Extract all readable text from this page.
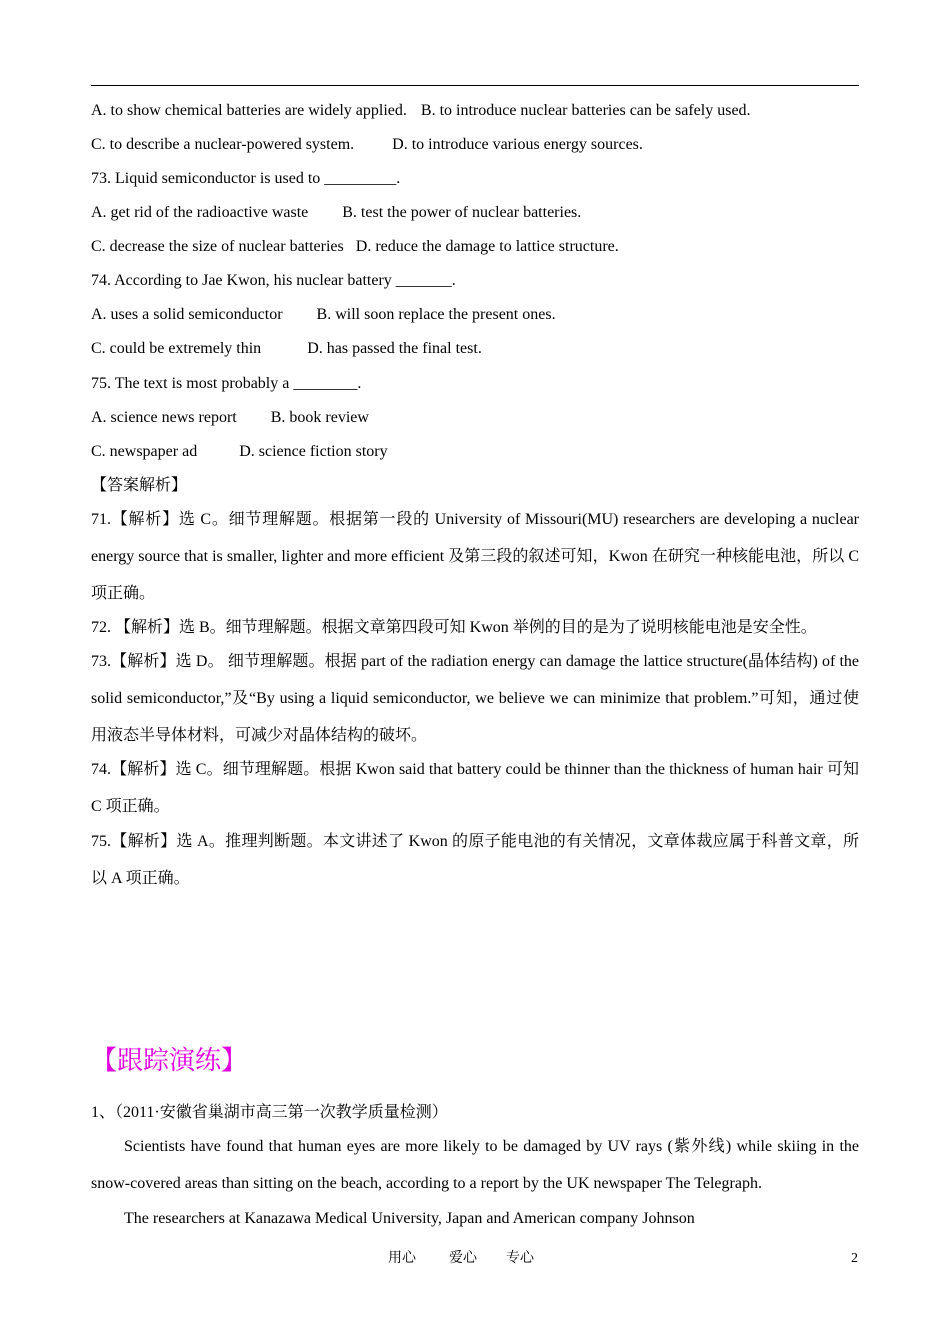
A. to show chemical batteries are widely applied. B. to introduce nuclear batteries can be safely used.
C. to describe a nuclear-powered system. D. to introduce various energy sources.
73. Liquid semiconductor is used to _________.
A. get rid of the radioactive waste B. test the power of nuclear batteries.
C. decrease the size of nuclear batteries D. reduce the damage to lattice structure.
74. According to Jae Kwon, his nuclear battery _______.
A. uses a solid semiconductor B. will soon replace the present ones.
C. could be extremely thin	D. has passed the final test.
75. The text is most probably a ________.
A. science news report B. book review
C. newspaper ad	D. science fiction story
【答案解析】
71.【解析】选 C。细节理解题。根据第一段的 University of Missouri(MU) researchers are developing a nuclear energy source that is smaller, lighter and more efficient 及第三段的叙述可知，Kwon 在研究一种核能电池，所以 C 项正确。
72. 【解析】选 B。细节理解题。根据文章第四段可知 Kwon 举例的目的是为了说明核能电池是安全性。
73.【解析】选 D。 细节理解题。根据 part of the radiation energy can damage the lattice structure(晶体结构) of the solid semiconductor,”及“By using a liquid semiconductor, we believe we can minimize that problem.”可知，通过使用液态半导体材料，可减少对晶体结构的破坏。
74.【解析】选 C。细节理解题。根据 Kwon said that battery could be thinner than the thickness of human hair 可知 C 项正确。
75.【解析】选 A。推理判断题。本文讲述了 Kwon 的原子能电池的有关情况，文章体裁应属于科普文章，所以 A 项正确。
【跟踪演练】
1、（2011·安徽省巢湖市高三第一次教学质量检测）
Scientists have found that human eyes are more likely to be damaged by UV rays (紫外线) while skiing in the snow-covered areas than sitting on the beach, according to a report by the UK newspaper The Telegraph.
The researchers at Kanazawa Medical University, Japan and American company Johnson
用心 爱心 专心	2
